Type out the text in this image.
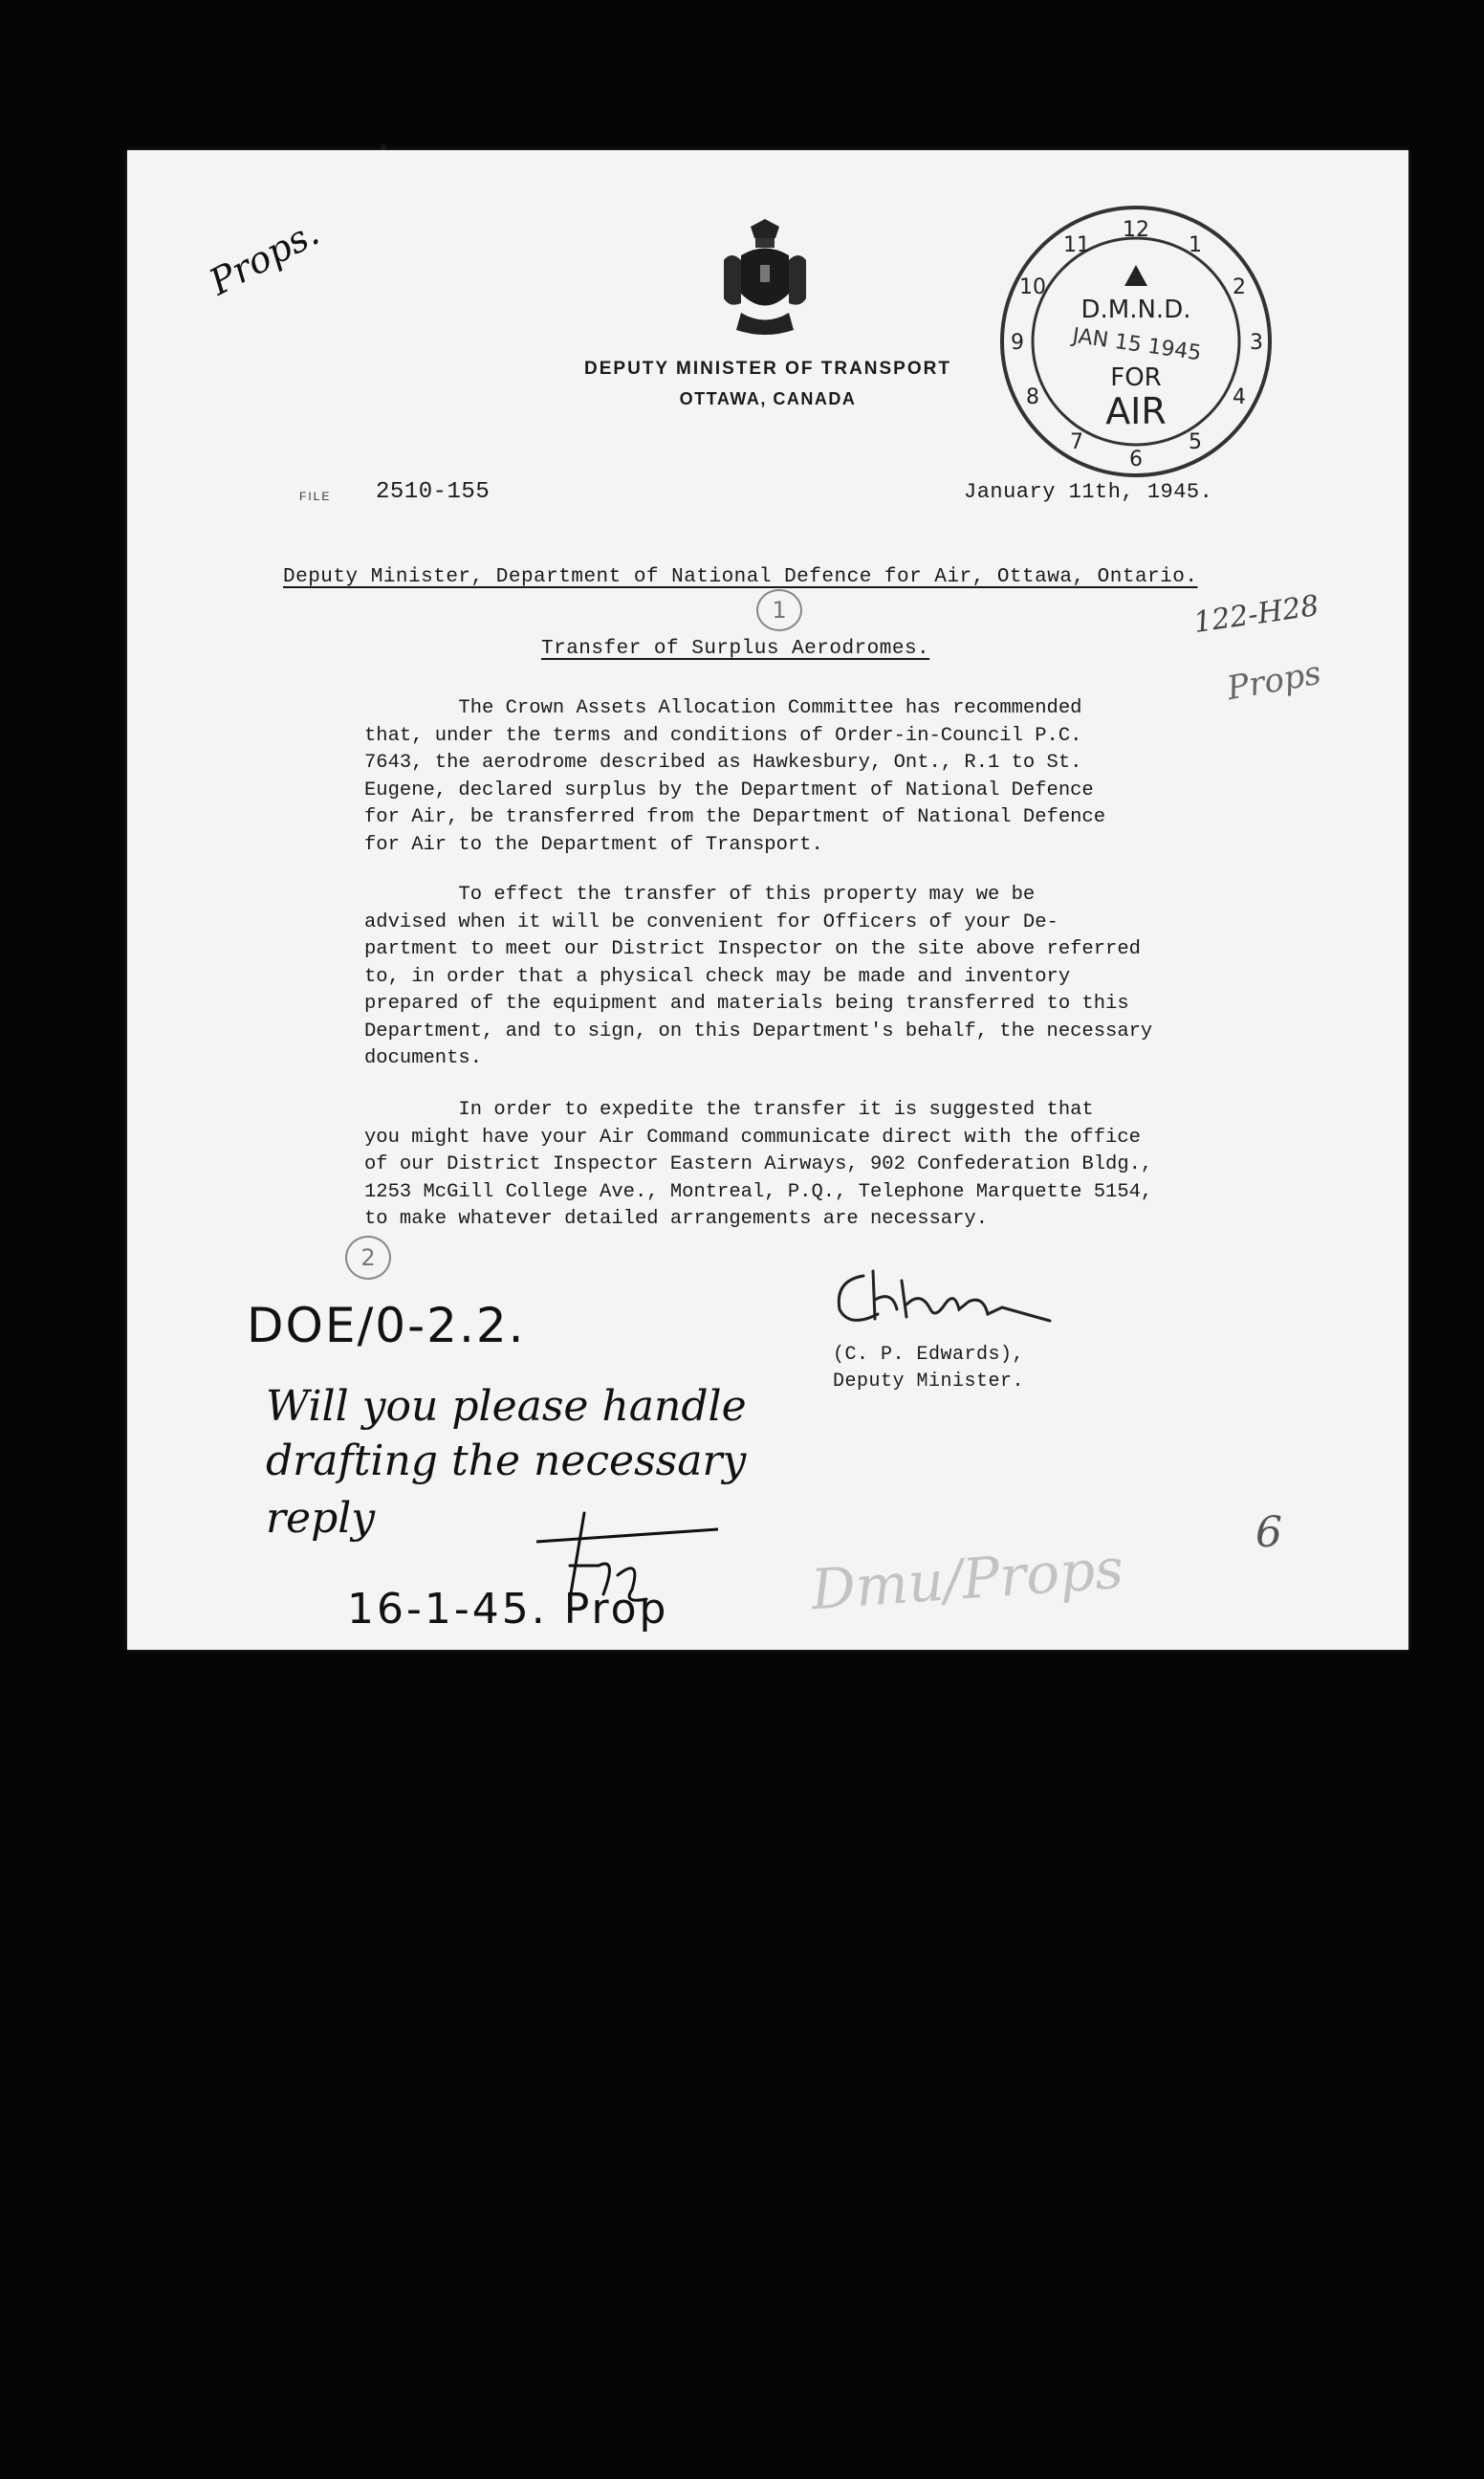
DEPUTY MINISTER OF TRANSPORT
OTTAWA, CANADA
12
1
2
3
4
5
6
7
8
9
10
11
D.M.N.D.
JAN 15 1945
FOR
AIR
FILE 2510-155	January 11th, 1945.
Deputy Minister, Department of National Defence for Air, Ottawa, Ontario.
1
Transfer of Surplus Aerodromes.
The Crown Assets Allocation Committee has recommended
that, under the terms and conditions of Order-in-Council P.C.
7643, the aerodrome described as Hawkesbury, Ont., R.1 to St.
Eugene, declared surplus by the Department of National Defence
for Air, be transferred from the Department of National Defence
for Air to the Department of Transport.
To effect the transfer of this property may we be
advised when it will be convenient for Officers of your De-
partment to meet our District Inspector on the site above referred
to, in order that a physical check may be made and inventory
prepared of the equipment and materials being transferred to this
Department, and to sign, on this Department's behalf, the necessary
documents.
In order to expedite the transfer it is suggested that
you might have your Air Command communicate direct with the office
of our District Inspector Eastern Airways, 902 Confederation Bldg.,
1253 McGill College Ave., Montreal, P.Q., Telephone Marquette 5154,
to make whatever detailed arrangements are necessary.
2
(C. P. Edwards),
Deputy Minister.
Props.
122-H28
Props
DOE/0-2.2.
Will you please handle
drafting the necessary
reply
16-1-45. Prop	Dmu/Props
6
